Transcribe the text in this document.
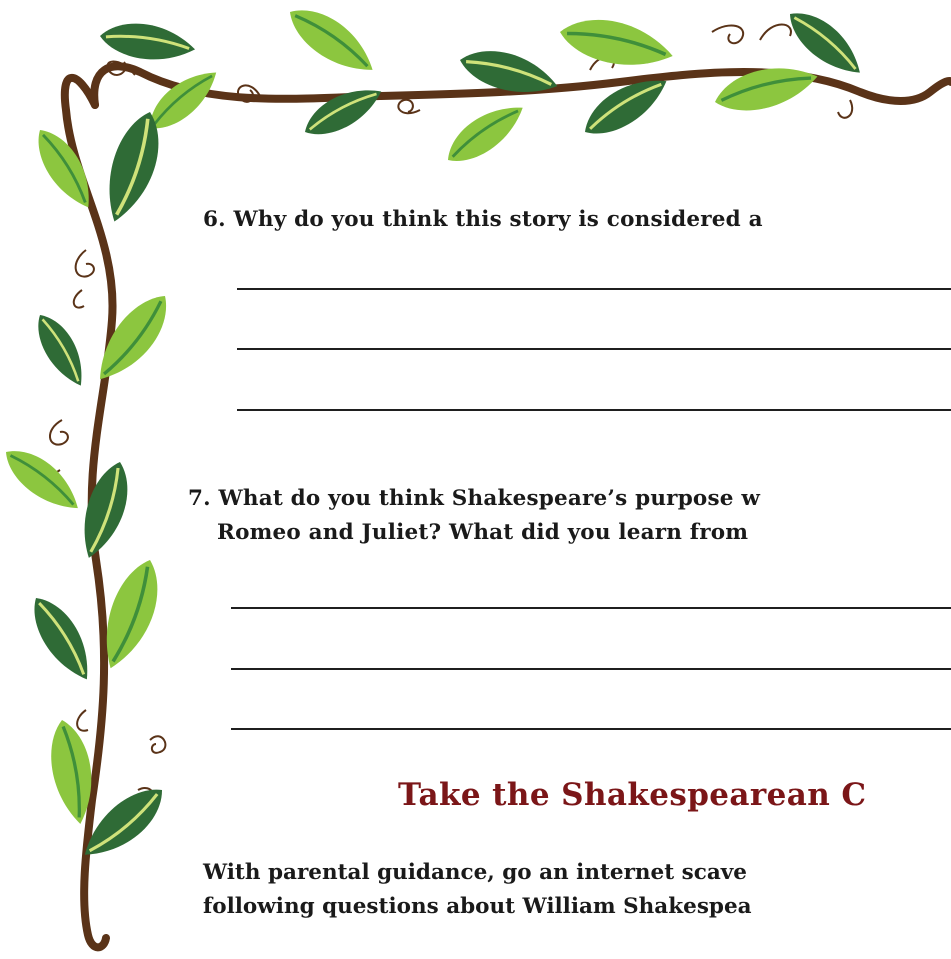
6. Why do you think this story is considered a

7. What do you think Shakespeare’s purpose w
Romeo and Juliet? What did you learn from

Take the Shakespearean C

With parental guidance, go an internet scave
following questions about William Shakespea
